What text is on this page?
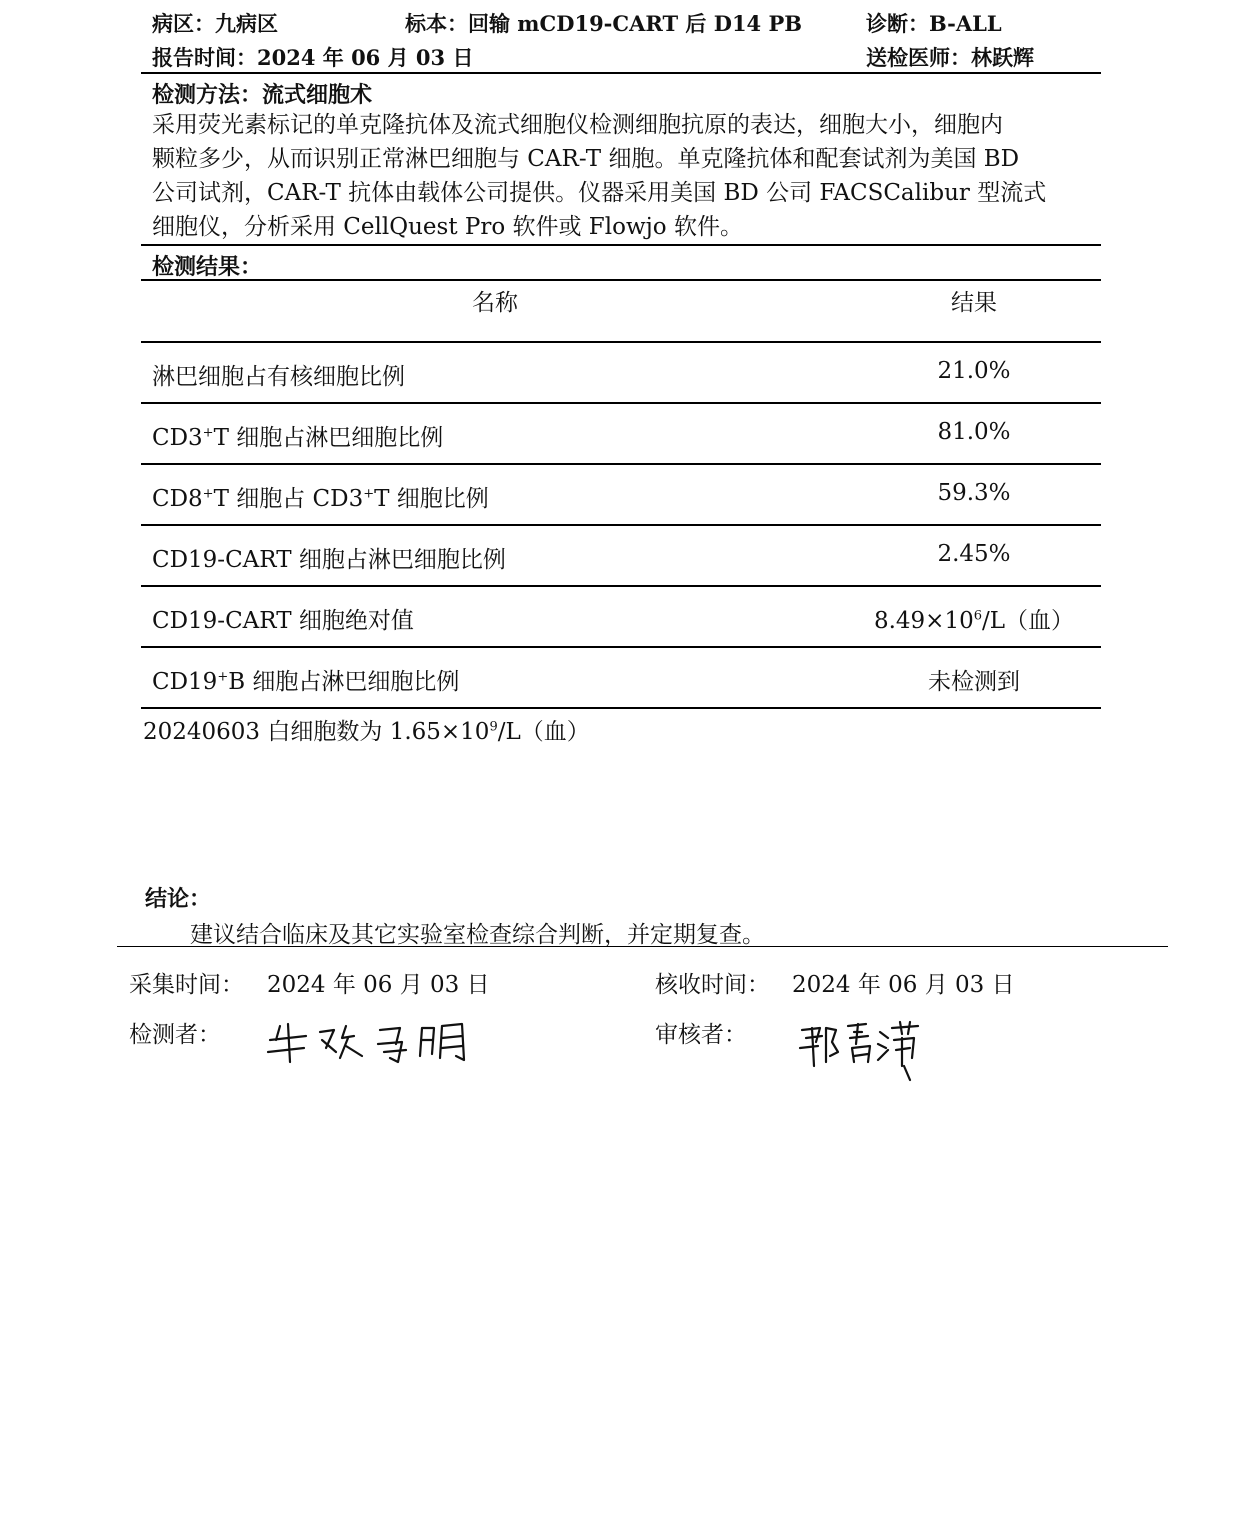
病区：九病区	标本：回输 mCD19-CART 后 D14 PB	诊断：B-ALL
报告时间：2024 年 06 月 03 日	送检医师：林跃辉
检测方法：流式细胞术
采用荧光素标记的单克隆抗体及流式细胞仪检测细胞抗原的表达，细胞大小，细胞内
颗粒多少，从而识别正常淋巴细胞与 CAR-T 细胞。单克隆抗体和配套试剂为美国 BD
公司试剂，CAR-T 抗体由载体公司提供。仪器采用美国 BD 公司 FACSCalibur 型流式
细胞仪，分析采用 CellQuest Pro 软件或 Flowjo 软件。
检测结果：
名称	结果
淋巴细胞占有核细胞比例	21.0%
CD3+T 细胞占淋巴细胞比例	81.0%
CD8+T 细胞占 CD3+T 细胞比例	59.3%
CD19-CART 细胞占淋巴细胞比例	2.45%
CD19-CART 细胞绝对值	$8.49\times 10^6/L$（血）
CD19+B 细胞占淋巴细胞比例	未检测到
20240603 白细胞数为 $1.65\times 10^9/L$（血）
结论：
建议结合临床及其它实验室检查综合判断，并定期复查。
采集时间： 2024 年 06 月 03 日	核收时间： 2024 年 06 月 03 日
检测者：	审核者：
